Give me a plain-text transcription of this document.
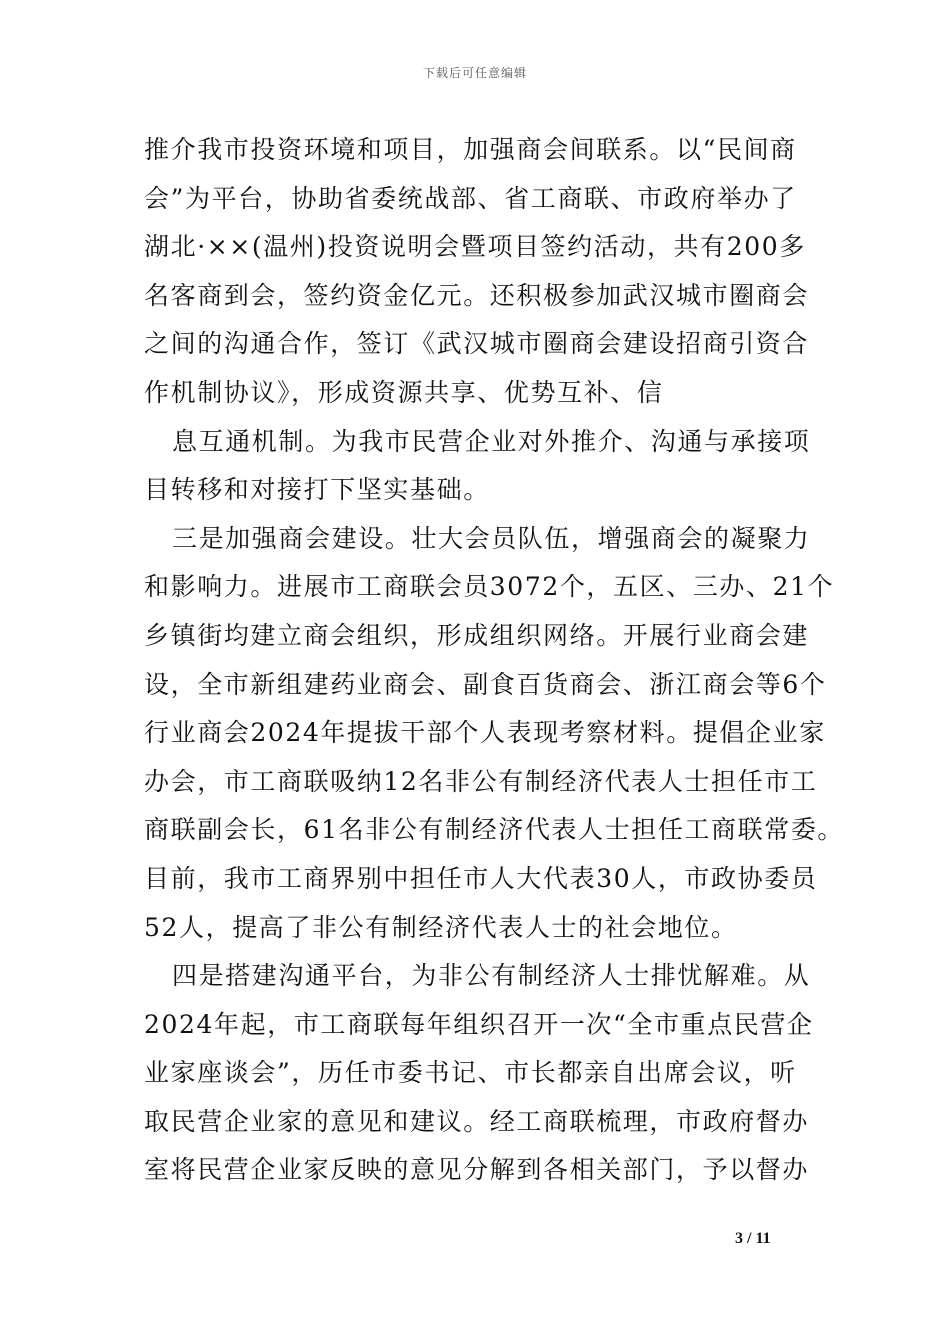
下载后可任意编辑

推介我市投资环境和项目，加强商会间联系。以“民间商
会”为平台，协助省委统战部、省工商联、市政府举办了
湖北·××(温州)投资说明会暨项目签约活动，共有200多
名客商到会，签约资金亿元。还积极参加武汉城市圈商会
之间的沟通合作，签订《武汉城市圈商会建设招商引资合
作机制协议》，形成资源共享、优势互补、信

息互通机制。为我市民营企业对外推介、沟通与承接项
目转移和对接打下坚实基础。

三是加强商会建设。壮大会员队伍，增强商会的凝聚力
和影响力。进展市工商联会员3072个，五区、三办、21个
乡镇街均建立商会组织，形成组织网络。开展行业商会建
设，全市新组建药业商会、副食百货商会、浙江商会等6个
行业商会2024年提拔干部个人表现考察材料。提倡企业家
办会，市工商联吸纳12名非公有制经济代表人士担任市工
商联副会长，61名非公有制经济代表人士担任工商联常委。
目前，我市工商界别中担任市人大代表30人，市政协委员
52人，提高了非公有制经济代表人士的社会地位。

四是搭建沟通平台，为非公有制经济人士排忧解难。从
2024年起，市工商联每年组织召开一次“全市重点民营企
业家座谈会”，历任市委书记、市长都亲自出席会议，听
取民营企业家的意见和建议。经工商联梳理，市政府督办
室将民营企业家反映的意见分解到各相关部门，予以督办

3 / 11
